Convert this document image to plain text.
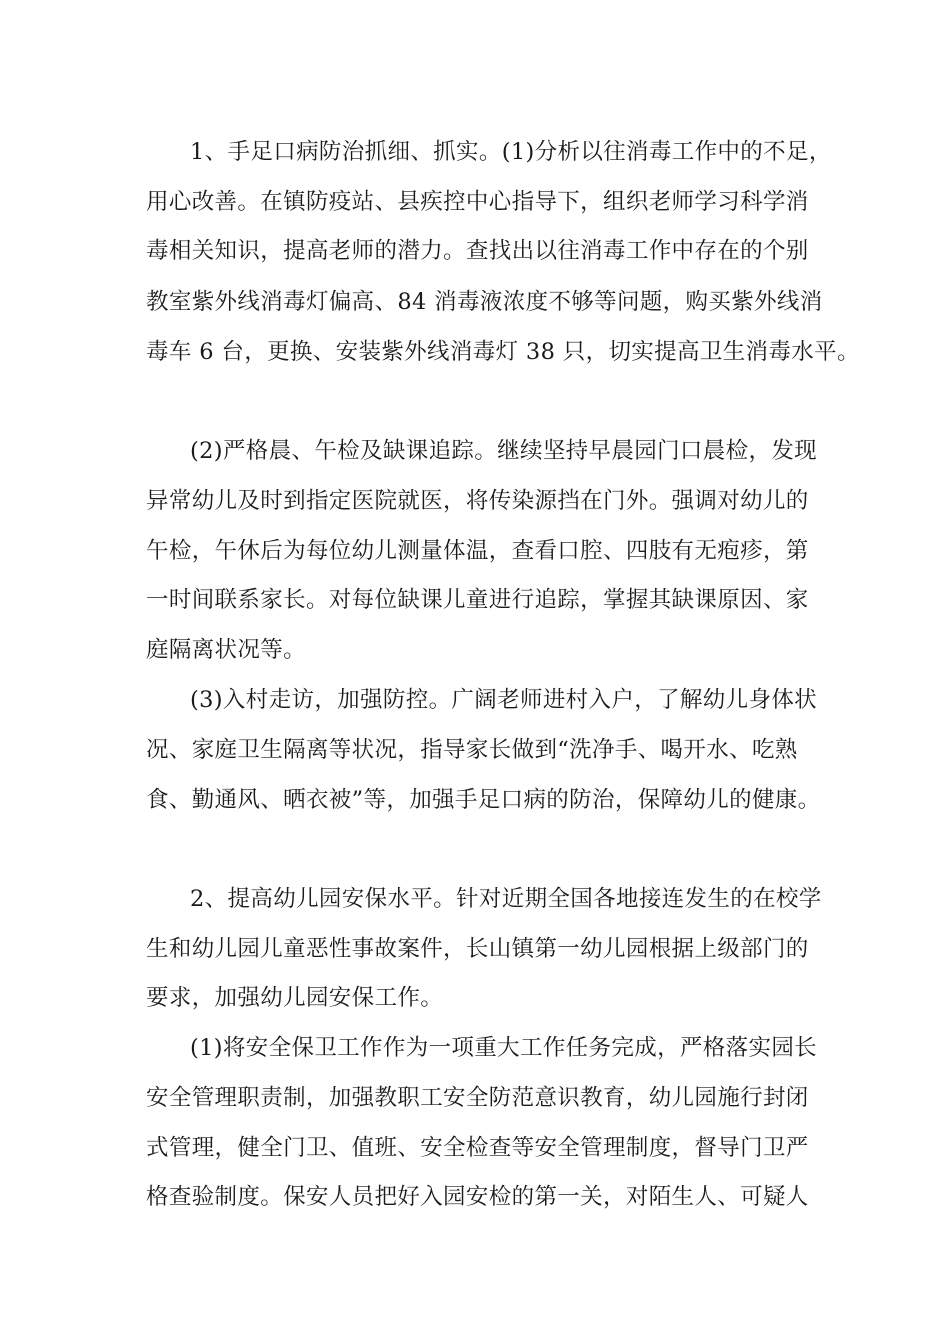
1、手足口病防治抓细、抓实。(1)分析以往消毒工作中的不足，
用心改善。在镇防疫站、县疾控中心指导下，组织老师学习科学消
毒相关知识，提高老师的潜力。查找出以往消毒工作中存在的个别
教室紫外线消毒灯偏高、84 消毒液浓度不够等问题，购买紫外线消
毒车 6 台，更换、安装紫外线消毒灯 38 只，切实提高卫生消毒水平。
(2)严格晨、午检及缺课追踪。继续坚持早晨园门口晨检，发现
异常幼儿及时到指定医院就医，将传染源挡在门外。强调对幼儿的
午检，午休后为每位幼儿测量体温，查看口腔、四肢有无疱疹，第
一时间联系家长。对每位缺课儿童进行追踪，掌握其缺课原因、家
庭隔离状况等。
(3)入村走访，加强防控。广阔老师进村入户，了解幼儿身体状
况、家庭卫生隔离等状况，指导家长做到“洗净手、喝开水、吃熟
食、勤通风、晒衣被”等，加强手足口病的防治，保障幼儿的健康。
2、提高幼儿园安保水平。针对近期全国各地接连发生的在校学
生和幼儿园儿童恶性事故案件，长山镇第一幼儿园根据上级部门的
要求，加强幼儿园安保工作。
(1)将安全保卫工作作为一项重大工作任务完成，严格落实园长
安全管理职责制，加强教职工安全防范意识教育，幼儿园施行封闭
式管理，健全门卫、值班、安全检查等安全管理制度，督导门卫严
格查验制度。保安人员把好入园安检的第一关，对陌生人、可疑人
